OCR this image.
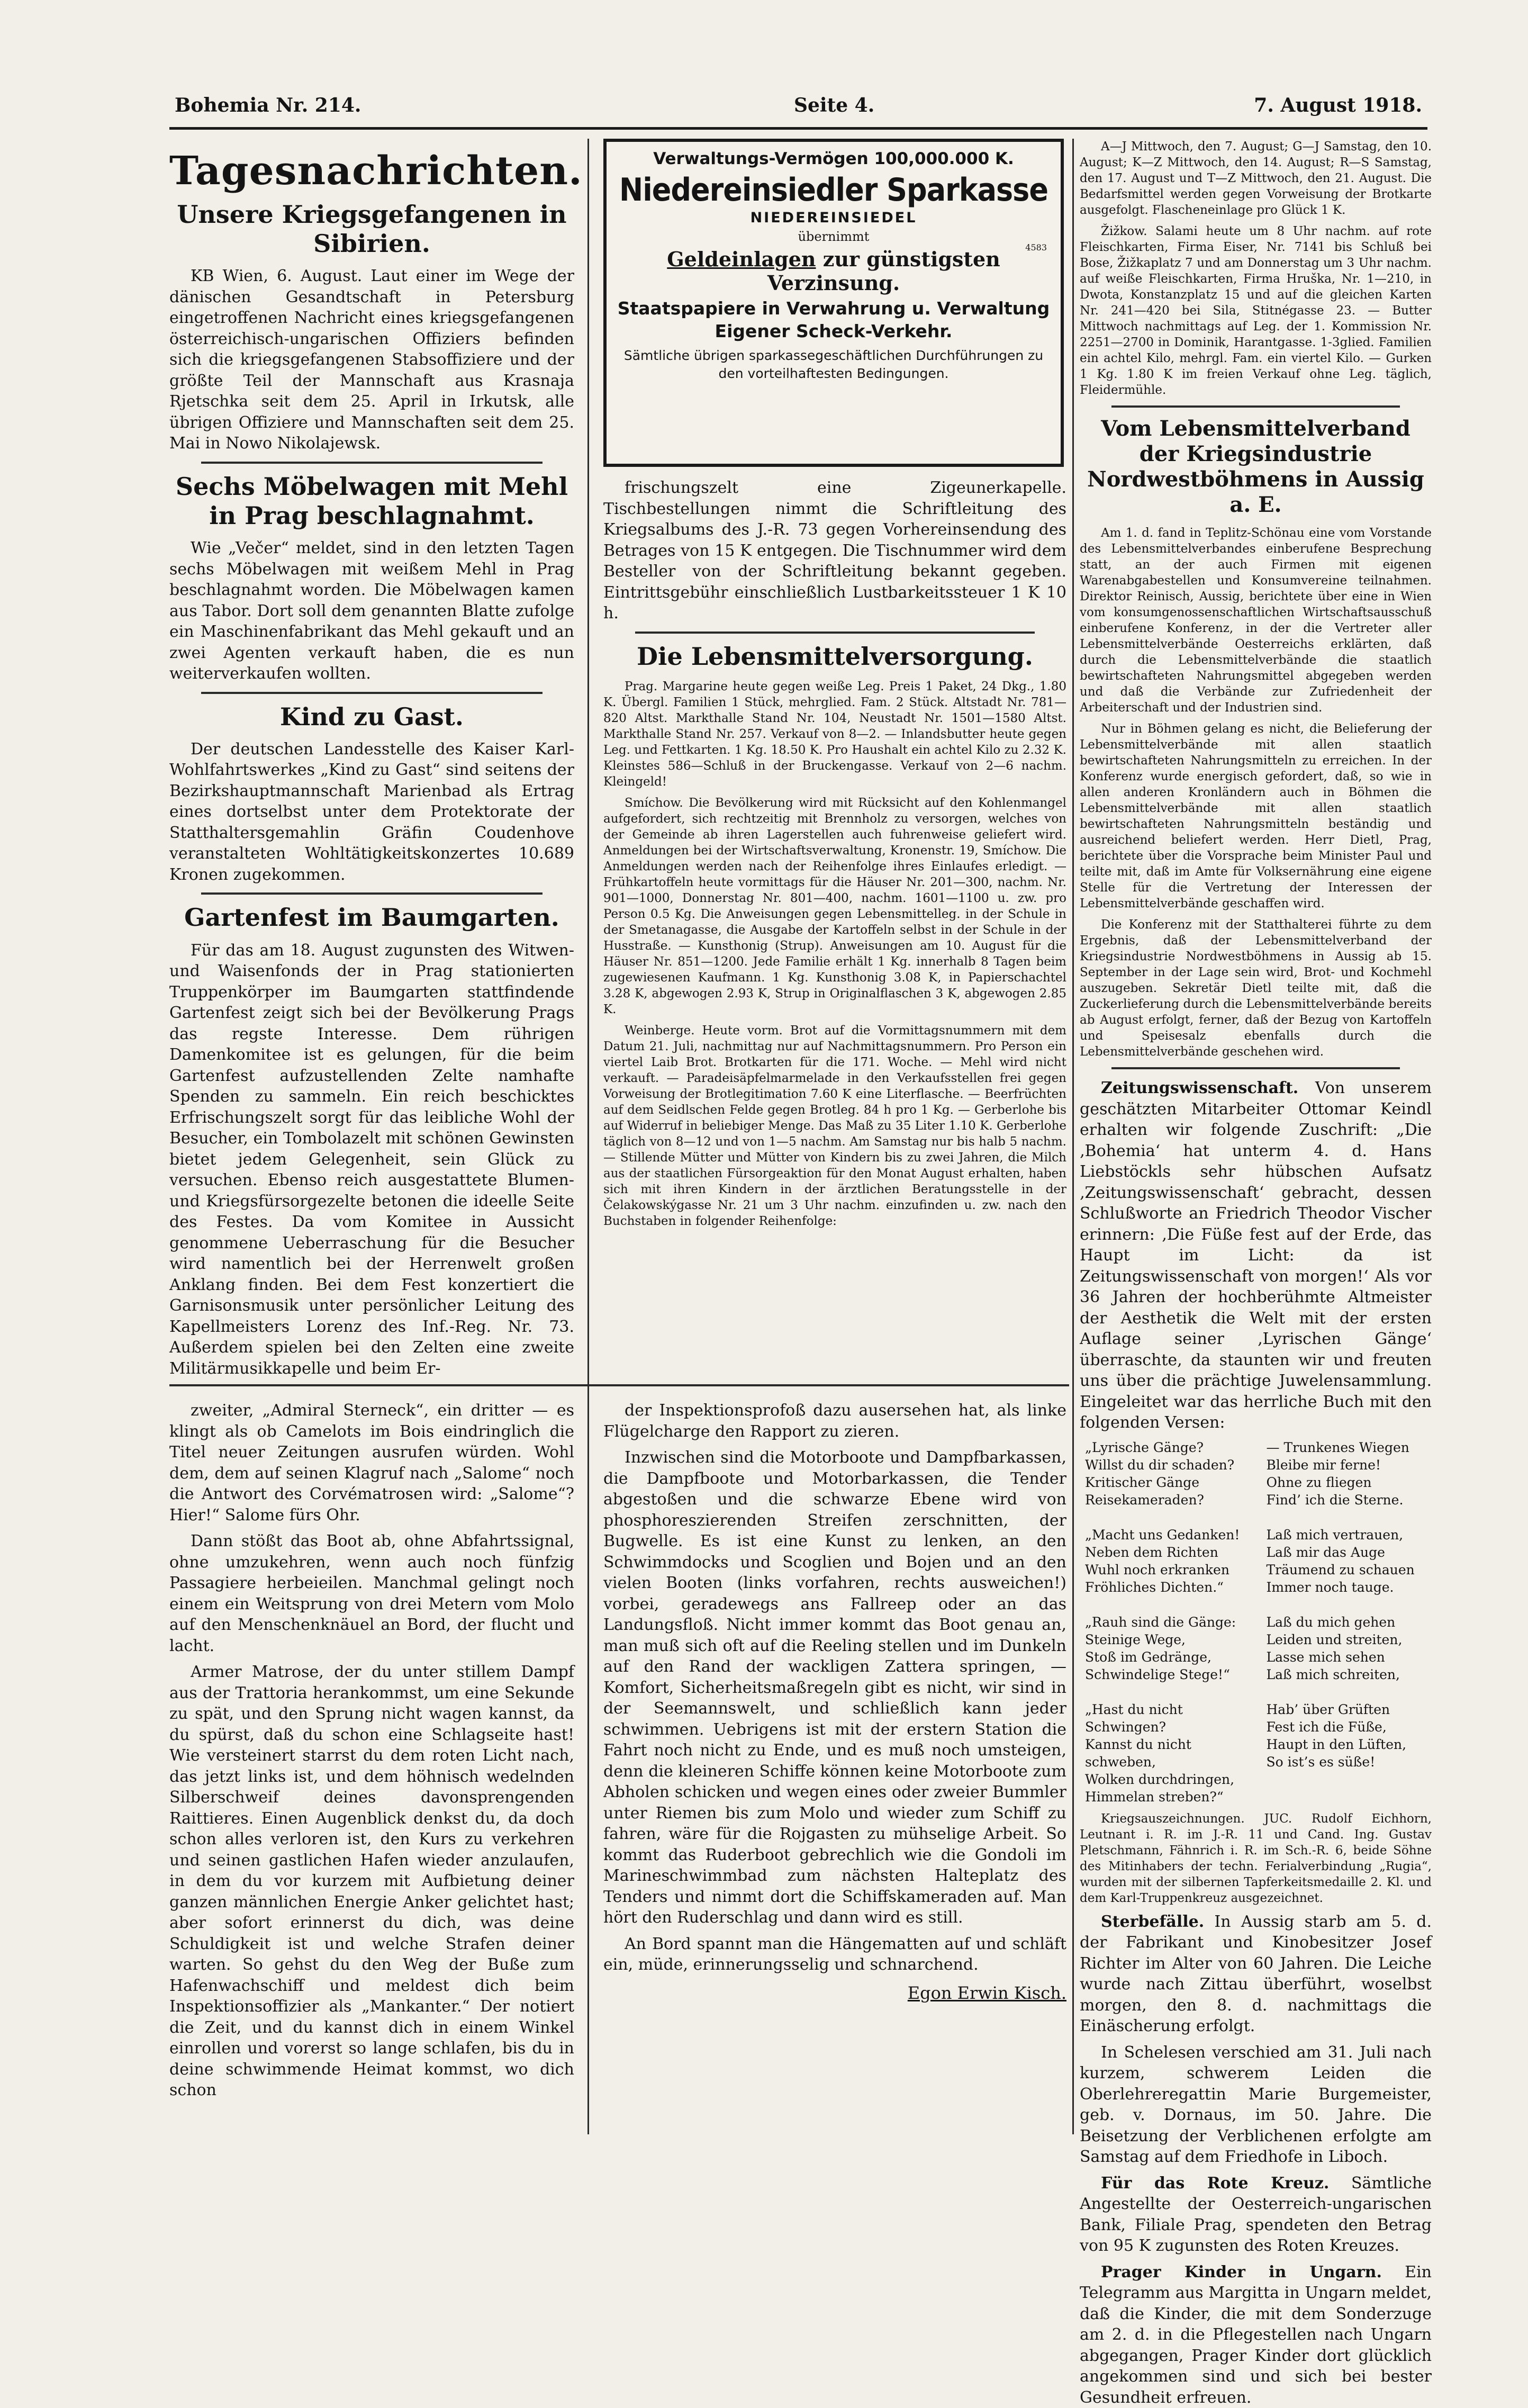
Bohemia Nr. 214.	Seite 4.	7. August 1918.
Tagesnachrichten.
Unsere Kriegsgefangenen in Sibirien.

KB Wien, 6. August. Laut einer im Wege der dänischen Gesandtschaft in Petersburg eingetroffenen Nachricht eines kriegsgefangenen österreichisch-ungarischen Offiziers befinden sich die kriegsgefangenen Stabsoffiziere und der größte Teil der Mannschaft aus Krasnaja Rjetschka seit dem 25. April in Irkutsk, alle übrigen Offiziere und Mannschaften seit dem 25. Mai in Nowo Nikolajewsk.

Sechs Möbelwagen mit Mehl in Prag beschlagnahmt.

Wie „Večer“ meldet, sind in den letzten Tagen sechs Möbelwagen mit weißem Mehl in Prag beschlagnahmt worden. Die Möbelwagen kamen aus Tabor. Dort soll dem genannten Blatte zufolge ein Maschinenfabrikant das Mehl gekauft und an zwei Agenten verkauft haben, die es nun weiterverkaufen wollten.

Kind zu Gast.

Der deutschen Landesstelle des Kaiser Karl-Wohlfahrtswerkes „Kind zu Gast“ sind seitens der Bezirkshauptmannschaft Marienbad als Ertrag eines dortselbst unter dem Protektorate der Statthaltersgemahlin Gräfin Coudenhove veranstalteten Wohltätigkeitskonzertes 10.689 Kronen zugekommen.

Gartenfest im Baumgarten.

Für das am 18. August zugunsten des Witwen- und Waisenfonds der in Prag stationierten Truppenkörper im Baumgarten stattfindende Gartenfest zeigt sich bei der Bevölkerung Prags das regste Interesse. Dem rührigen Damenkomitee ist es gelungen, für die beim Gartenfest aufzustellenden Zelte namhafte Spenden zu sammeln. Ein reich beschicktes Erfrischungszelt sorgt für das leibliche Wohl der Besucher, ein Tombolazelt mit schönen Gewinsten bietet jedem Gelegenheit, sein Glück zu versuchen. Ebenso reich ausgestattete Blumen- und Kriegsfürsorgezelte betonen die ideelle Seite des Festes. Da vom Komitee in Aussicht genommene Ueberraschung für die Besucher wird namentlich bei der Herrenwelt großen Anklang finden. Bei dem Fest konzertiert die Garnisonsmusik unter persönlicher Leitung des Kapellmeisters Lorenz des Inf.-Reg. Nr. 73. Außerdem spielen bei den Zelten eine zweite Militärmusikkapelle und beim Er-

Verwaltungs-Vermögen 100,000.000 K.
Niedereinsiedler Sparkasse
NIEDEREINSIEDEL
4583
übernimmt
Geldeinlagen zur günstigsten Verzinsung.
Staatspapiere in Verwahrung u. Verwaltung
Eigener Scheck-Verkehr.
Sämtliche übrigen sparkassegeschäftlichen Durchführungen zu den vorteilhaftesten Bedingungen.

frischungszelt eine Zigeunerkapelle. Tischbestellungen nimmt die Schriftleitung des Kriegsalbums des J.-R. 73 gegen Vorhereinsendung des Betrages von 15 K entgegen. Die Tischnummer wird dem Besteller von der Schriftleitung bekannt gegeben. Eintrittsgebühr einschließlich Lustbarkeitssteuer 1 K 10 h.

Die Lebensmittelversorgung.

Prag. Margarine heute gegen weiße Leg. Preis 1 Paket, 24 Dkg., 1.80 K. Übergl. Familien 1 Stück, mehrglied. Fam. 2 Stück. Altstadt Nr. 781—820 Altst. Markthalle Stand Nr. 104, Neustadt Nr. 1501—1580 Altst. Markthalle Stand Nr. 257. Verkauf von 8—2. — Inlandsbutter heute gegen Leg. und Fettkarten. 1 Kg. 18.50 K. Pro Haushalt ein achtel Kilo zu 2.32 K. Kleinstes 586—Schluß in der Bruckengasse. Verkauf von 2—6 nachm. Kleingeld!

Smíchow. Die Bevölkerung wird mit Rücksicht auf den Kohlenmangel aufgefordert, sich rechtzeitig mit Brennholz zu versorgen, welches von der Gemeinde ab ihren Lagerstellen auch fuhrenweise geliefert wird. Anmeldungen bei der Wirtschaftsverwaltung, Kronenstr. 19, Smíchow. Die Anmeldungen werden nach der Reihenfolge ihres Einlaufes erledigt. — Frühkartoffeln heute vormittags für die Häuser Nr. 201—300, nachm. Nr. 901—1000, Donnerstag Nr. 801—400, nachm. 1601—1100 u. zw. pro Person 0.5 Kg. Die Anweisungen gegen Lebensmittelleg. in der Schule in der Smetanagasse, die Ausgabe der Kartoffeln selbst in der Schule in der Husstraße. — Kunsthonig (Strup). Anweisungen am 10. August für die Häuser Nr. 851—1200. Jede Familie erhält 1 Kg. innerhalb 8 Tagen beim zugewiesenen Kaufmann. 1 Kg. Kunsthonig 3.08 K, in Papierschachtel 3.28 K, abgewogen 2.93 K, Strup in Originalflaschen 3 K, abgewogen 2.85 K.

Weinberge. Heute vorm. Brot auf die Vormittagsnummern mit dem Datum 21. Juli, nachmittag nur auf Nachmittagsnummern. Pro Person ein viertel Laib Brot. Brotkarten für die 171. Woche. — Mehl wird nicht verkauft. — Paradeisäpfelmarmelade in den Verkaufsstellen frei gegen Vorweisung der Brotlegitimation 7.60 K eine Literflasche. — Beerfrüchten auf dem Seidlschen Felde gegen Brotleg. 84 h pro 1 Kg. — Gerberlohe bis auf Widerruf in beliebiger Menge. Das Maß zu 35 Liter 1.10 K. Gerberlohe täglich von 8—12 und von 1—5 nachm. Am Samstag nur bis halb 5 nachm. — Stillende Mütter und Mütter von Kindern bis zu zwei Jahren, die Milch aus der staatlichen Fürsorgeaktion für den Monat August erhalten, haben sich mit ihren Kindern in der ärztlichen Beratungsstelle in der Čelakowskýgasse Nr. 21 um 3 Uhr nachm. einzufinden u. zw. nach den Buchstaben in folgender Reihenfolge:

A—J Mittwoch, den 7. August; G—J Samstag, den 10. August; K—Z Mittwoch, den 14. August; R—S Samstag, den 17. August und T—Z Mittwoch, den 21. August. Die Bedarfsmittel werden gegen Vorweisung der Brotkarte ausgefolgt. Flascheneinlage pro Glück 1 K.

Žižkow. Salami heute um 8 Uhr nachm. auf rote Fleischkarten, Firma Eiser, Nr. 7141 bis Schluß bei Bose, Žižkaplatz 7 und am Donnerstag um 3 Uhr nachm. auf weiße Fleischkarten, Firma Hruška, Nr. 1—210, in Dwota, Konstanzplatz 15 und auf die gleichen Karten Nr. 241—420 bei Sila, Stitnégasse 23. — Butter Mittwoch nachmittags auf Leg. der 1. Kommission Nr. 2251—2700 in Dominik, Harantgasse. 1-3glied. Familien ein achtel Kilo, mehrgl. Fam. ein viertel Kilo. — Gurken 1 Kg. 1.80 K im freien Verkauf ohne Leg. täglich, Fleidermühle.

Vom Lebensmittelverband der Kriegsindustrie Nordwestböhmens in Aussig a. E.

Am 1. d. fand in Teplitz-Schönau eine vom Vorstande des Lebensmittelverbandes einberufene Besprechung statt, an der auch Firmen mit eigenen Warenabgabestellen und Konsumvereine teilnahmen. Direktor Reinisch, Aussig, berichtete über eine in Wien vom konsumgenossenschaftlichen Wirtschaftsausschuß einberufene Konferenz, in der die Vertreter aller Lebensmittelverbände Oesterreichs erklärten, daß durch die Lebensmittelverbände die staatlich bewirtschafteten Nahrungsmittel abgegeben werden und daß die Verbände zur Zufriedenheit der Arbeiterschaft und der Industrien sind.

Nur in Böhmen gelang es nicht, die Belieferung der Lebensmittelverbände mit allen staatlich bewirtschafteten Nahrungsmitteln zu erreichen. In der Konferenz wurde energisch gefordert, daß, so wie in allen anderen Kronländern auch in Böhmen die Lebensmittelverbände mit allen staatlich bewirtschafteten Nahrungsmitteln beständig und ausreichend beliefert werden. Herr Dietl, Prag, berichtete über die Vorsprache beim Minister Paul und teilte mit, daß im Amte für Volksernährung eine eigene Stelle für die Vertretung der Interessen der Lebensmittelverbände geschaffen wird.

Die Konferenz mit der Statthalterei führte zu dem Ergebnis, daß der Lebensmittelverband der Kriegsindustrie Nordwestböhmens in Aussig ab 15. September in der Lage sein wird, Brot- und Kochmehl auszugeben. Sekretär Dietl teilte mit, daß die Zuckerlieferung durch die Lebensmittelverbände bereits ab August erfolgt, ferner, daß der Bezug von Kartoffeln und Speisesalz ebenfalls durch die Lebensmittelverbände geschehen wird.

Zeitungswissenschaft. Von unserem geschätzten Mitarbeiter Ottomar Keindl erhalten wir folgende Zuschrift: „Die ‚Bohemia‘ hat unterm 4. d. Hans Liebstöckls sehr hübschen Aufsatz ‚Zeitungswissenschaft‘ gebracht, dessen Schlußworte an Friedrich Theodor Vischer erinnern: ‚Die Füße fest auf der Erde, das Haupt im Licht: da ist Zeitungswissenschaft von morgen!‘ Als vor 36 Jahren der hochberühmte Altmeister der Aesthetik die Welt mit der ersten Auflage seiner ‚Lyrischen Gänge‘ überraschte, da staunten wir und freuten uns über die prächtige Juwelensammlung. Eingeleitet war das herrliche Buch mit den folgenden Versen:

„Lyrische Gänge?
Willst du dir schaden?
Kritischer Gänge
Reisekameraden?

„Macht uns Gedanken!
Neben dem Richten
Wuhl noch erkranken
Fröhliches Dichten.“

„Rauh sind die Gänge:
Steinige Wege,
Stoß im Gedränge,
Schwindelige Stege!“

„Hast du nicht Schwingen?
Kannst du nicht schweben,
Wolken durchdringen,
Himmelan streben?“
— Trunkenes Wiegen
Bleibe mir ferne!
Ohne zu fliegen
Find’ ich die Sterne.

Laß mich vertrauen,
Laß mir das Auge
Träumend zu schauen
Immer noch tauge.

Laß du mich gehen
Leiden und streiten,
Lasse mich sehen
Laß mich schreiten,

Hab’ über Grüften
Fest ich die Füße,
Haupt in den Lüften,
So ist’s es süße!

Kriegsauszeichnungen. JUC. Rudolf Eichhorn, Leutnant i. R. im J.-R. 11 und Cand. Ing. Gustav Pletschmann, Fähnrich i. R. im Sch.-R. 6, beide Söhne des Mitinhabers der techn. Ferialverbindung „Rugia“, wurden mit der silbernen Tapferkeitsmedaille 2. Kl. und dem Karl-Truppenkreuz ausgezeichnet.

Sterbefälle. In Aussig starb am 5. d. der Fabrikant und Kinobesitzer Josef Richter im Alter von 60 Jahren. Die Leiche wurde nach Zittau überführt, woselbst morgen, den 8. d. nachmittags die Einäscherung erfolgt.

In Schelesen verschied am 31. Juli nach kurzem, schwerem Leiden die Oberlehreregattin Marie Burgemeister, geb. v. Dornaus, im 50. Jahre. Die Beisetzung der Verblichenen erfolgte am Samstag auf dem Friedhofe in Liboch.

Für das Rote Kreuz. Sämtliche Angestellte der Oesterreich-ungarischen Bank, Filiale Prag, spendeten den Betrag von 95 K zugunsten des Roten Kreuzes.

Prager Kinder in Ungarn. Ein Telegramm aus Margitta in Ungarn meldet, daß die Kinder, die mit dem Sonderzuge am 2. d. in die Pflegestellen nach Ungarn abgegangen, Prager Kinder dort glücklich angekommen sind und sich bei bester Gesundheit erfreuen.

zweiter, „Admiral Sterneck“, ein dritter — es klingt als ob Camelots im Bois eindringlich die Titel neuer Zeitungen ausrufen würden. Wohl dem, dem auf seinen Klagruf nach „Salome“ noch die Antwort des Corvématrosen wird: „Salome“? Hier!“ Salome fürs Ohr.

Dann stößt das Boot ab, ohne Abfahrtssignal, ohne umzukehren, wenn auch noch fünfzig Passagiere herbeieilen. Manchmal gelingt noch einem ein Weitsprung von drei Metern vom Molo auf den Menschenknäuel an Bord, der flucht und lacht.

Armer Matrose, der du unter stillem Dampf aus der Trattoria herankommst, um eine Sekunde zu spät, und den Sprung nicht wagen kannst, da du spürst, daß du schon eine Schlagseite hast! Wie versteinert starrst du dem roten Licht nach, das jetzt links ist, und dem höhnisch wedelnden Silberschweif deines davonsprengenden Raittieres. Einen Augenblick denkst du, da doch schon alles verloren ist, den Kurs zu verkehren und seinen gastlichen Hafen wieder anzulaufen, in dem du vor kurzem mit Aufbietung deiner ganzen männlichen Energie Anker gelichtet hast; aber sofort erinnerst du dich, was deine Schuldigkeit ist und welche Strafen deiner warten. So gehst du den Weg der Buße zum Hafenwachschiff und meldest dich beim Inspektionsoffizier als „Mankanter.“ Der notiert die Zeit, und du kannst dich in einem Winkel einrollen und vorerst so lange schlafen, bis du in deine schwimmende Heimat kommst, wo dich schon

der Inspektionsprofoß dazu ausersehen hat, als linke Flügelcharge den Rapport zu zieren.

Inzwischen sind die Motorboote und Dampfbarkassen, die Dampfboote und Motorbarkassen, die Tender abgestoßen und die schwarze Ebene wird von phosphoreszierenden Streifen zerschnitten, der Bugwelle. Es ist eine Kunst zu lenken, an den Schwimmdocks und Scoglien und Bojen und an den vielen Booten (links vorfahren, rechts ausweichen!) vorbei, geradewegs ans Fallreep oder an das Landungsfloß. Nicht immer kommt das Boot genau an, man muß sich oft auf die Reeling stellen und im Dunkeln auf den Rand der wackligen Zattera springen, — Komfort, Sicherheitsmaßregeln gibt es nicht, wir sind in der Seemannswelt, und schließlich kann jeder schwimmen. Uebrigens ist mit der erstern Station die Fahrt noch nicht zu Ende, und es muß noch umsteigen, denn die kleineren Schiffe können keine Motorboote zum Abholen schicken und wegen eines oder zweier Bummler unter Riemen bis zum Molo und wieder zum Schiff zu fahren, wäre für die Rojgasten zu mühselige Arbeit. So kommt das Ruderboot gebrechlich wie die Gondoli im Marineschwimmbad zum nächsten Halteplatz des Tenders und nimmt dort die Schiffskameraden auf. Man hört den Ruderschlag und dann wird es still.

An Bord spannt man die Hängematten auf und schläft ein, müde, erinnerungsselig und schnarchend.

Egon Erwin Kisch.
